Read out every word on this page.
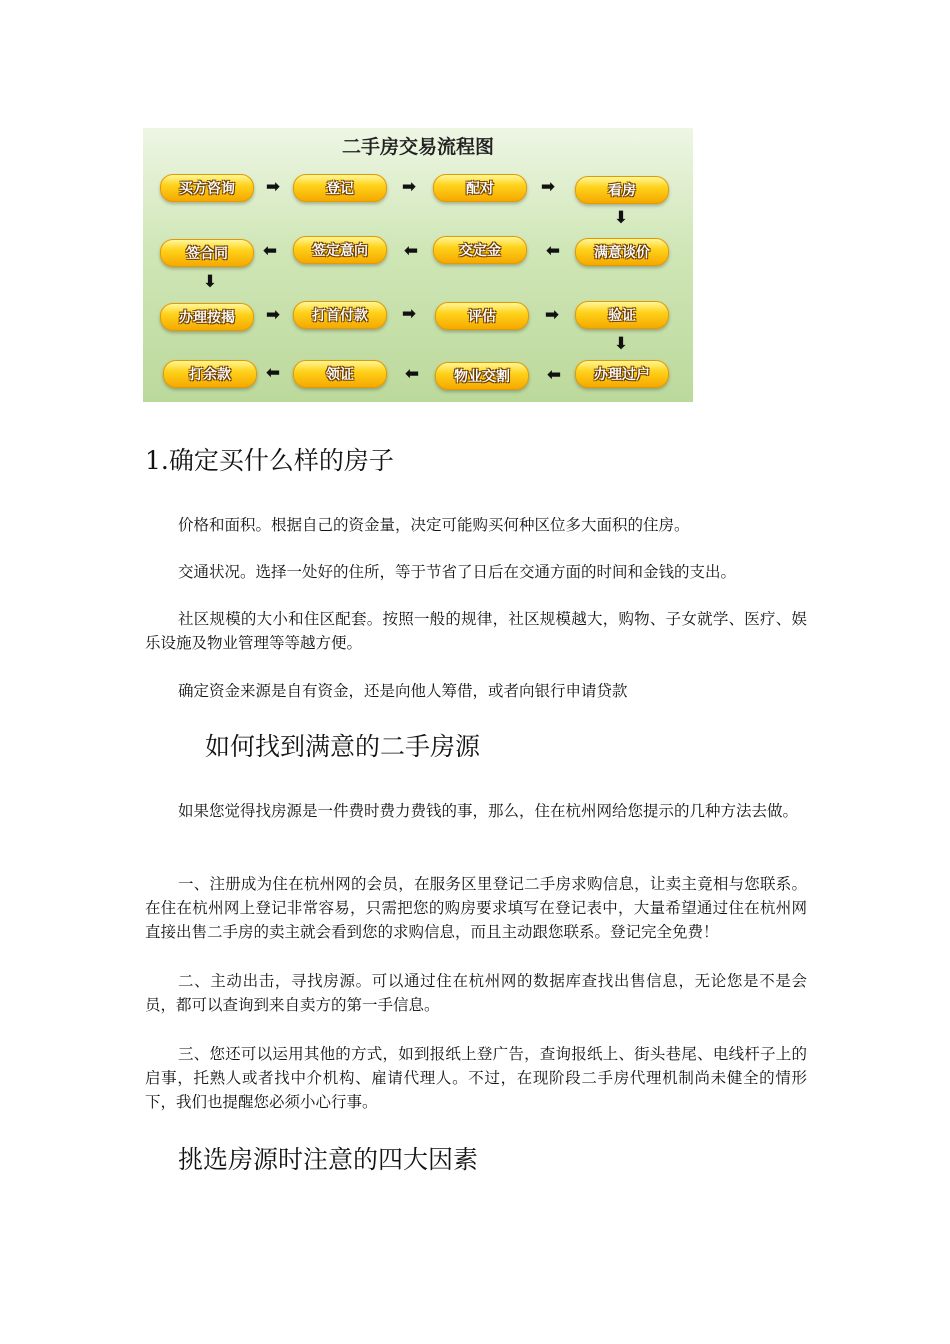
二手房交易流程图
买方咨询	➡	登记	➡	配对	➡	看房
⬇
满意谈价
⬅
交定金
⬅
签定意向
⬅
签合同
⬇
办理按揭	➡	打首付款	➡	评估	➡	验证
⬇
办理过户
⬅
物业交割
⬅
领证
⬅
打余款
1.确定买什么样的房子
价格和面积。根据自己的资金量，决定可能购买何种区位多大面积的住房。
交通状况。选择一处好的住所，等于节省了日后在交通方面的时间和金钱的支出。
社区规模的大小和住区配套。按照一般的规律，社区规模越大，购物、子女就学、医疗、娱乐设施及物业管理等等越方便。
确定资金来源是自有资金，还是向他人筹借，或者向银行申请贷款
如何找到满意的二手房源
如果您觉得找房源是一件费时费力费钱的事，那么，住在杭州网给您提示的几种方法去做。
一、注册成为住在杭州网的会员，在服务区里登记二手房求购信息，让卖主竟相与您联系。在住在杭州网上登记非常容易，只需把您的购房要求填写在登记表中，大量希望通过住在杭州网直接出售二手房的卖主就会看到您的求购信息，而且主动跟您联系。登记完全免费！
二、主动出击，寻找房源。可以通过住在杭州网的数据库查找出售信息，无论您是不是会员，都可以查询到来自卖方的第一手信息。
三、您还可以运用其他的方式，如到报纸上登广告，查询报纸上、街头巷尾、电线杆子上的启事，托熟人或者找中介机构、雇请代理人。不过，在现阶段二手房代理机制尚未健全的情形下，我们也提醒您必须小心行事。
挑选房源时注意的四大因素
